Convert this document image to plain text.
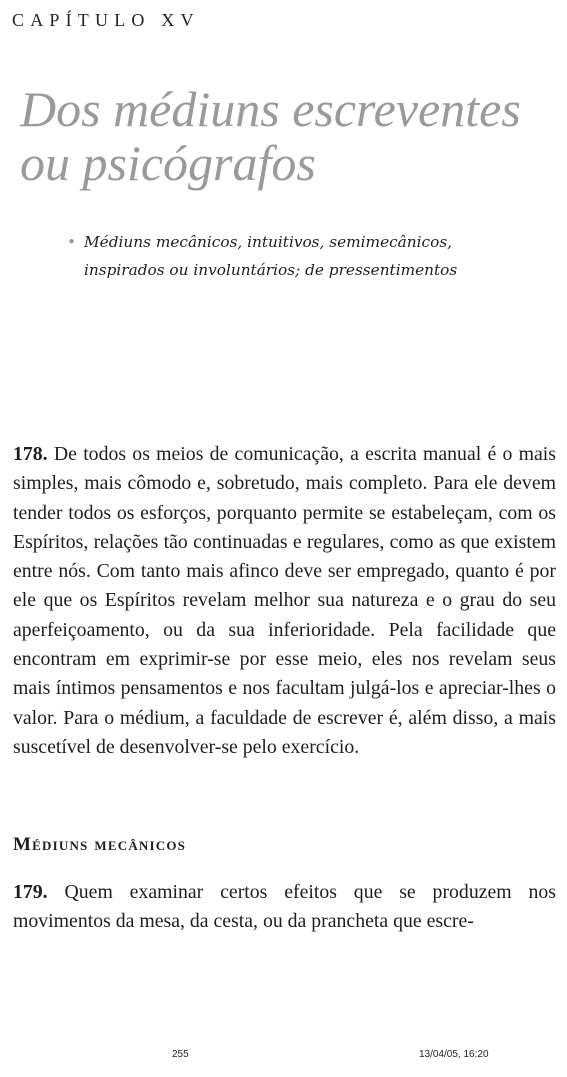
CAPÍTULO XV
Dos médiuns escreventes
ou psicógrafos
• Médiuns mecânicos, intuitivos, semimecânicos,
inspirados ou involuntários; de pressentimentos

178. De todos os meios de comunicação, a escrita manual é o mais simples, mais cômodo e, sobretudo, mais completo. Para ele devem tender todos os esforços, porquanto permite se estabeleçam, com os Espíritos, relações tão continuadas e regulares, como as que existem entre nós. Com tanto mais afinco deve ser empregado, quanto é por ele que os Espíritos revelam melhor sua natureza e o grau do seu aperfeiçoamento, ou da sua inferioridade. Pela facilidade que encontram em exprimir-se por esse meio, eles nos revelam seus mais íntimos pensamentos e nos facultam julgá-los e apreciar-lhes o valor. Para o médium, a faculdade de escrever é, além disso, a mais suscetível de desenvolver-se pelo exercício.

Médiuns mecânicos

179. Quem examinar certos efeitos que se produzem nos movimentos da mesa, da cesta, ou da prancheta que escre-

255	13/04/05, 16:20
